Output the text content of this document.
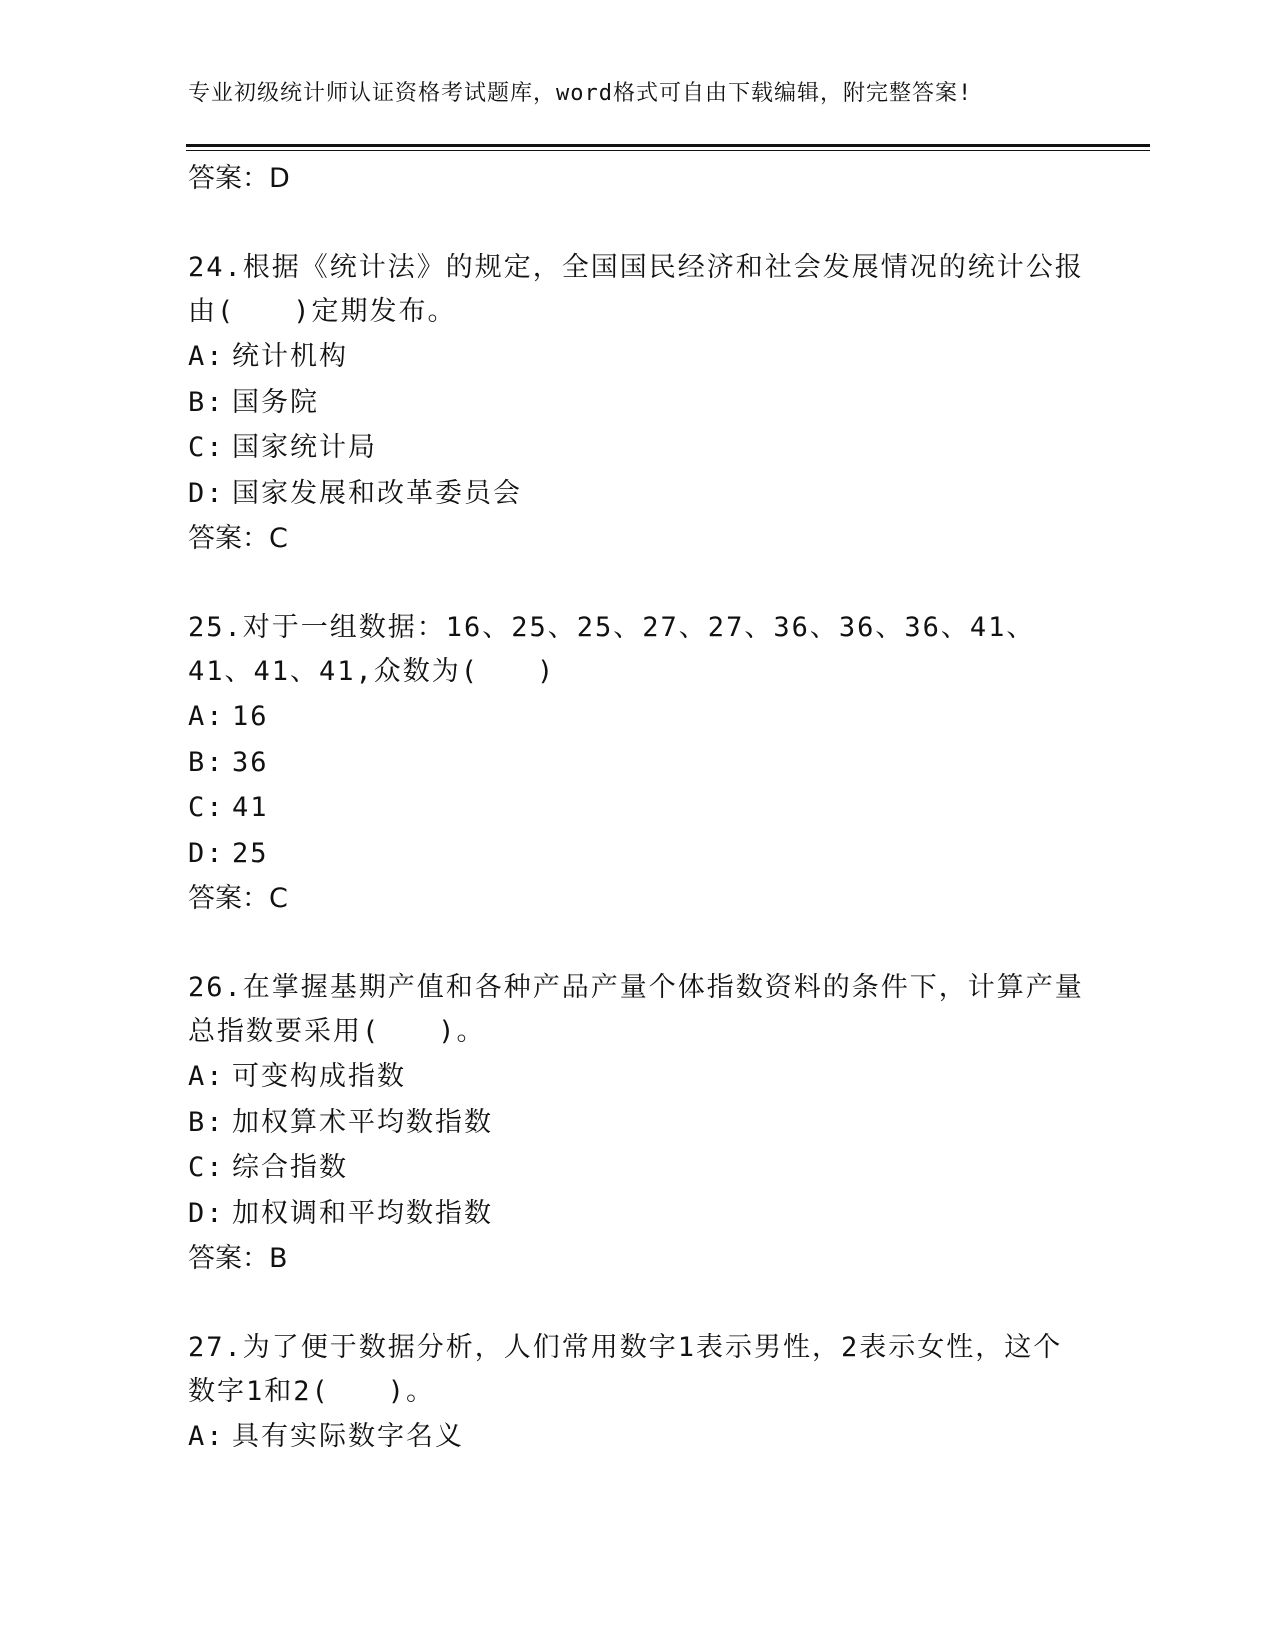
专业初级统计师认证资格考试题库，word格式可自由下载编辑，附完整答案!
答案：D
24.根据《统计法》的规定，全国国民经济和社会发展情况的统计公报由(　　)定期发布。
A: 统计机构
B: 国务院
C: 国家统计局
D: 国家发展和改革委员会
答案：C
25.对于一组数据：16、25、25、27、27、36、36、36、41、41、41、41,众数为(　　)
A: 16
B: 36
C: 41
D: 25
答案：C
26.在掌握基期产值和各种产品产量个体指数资料的条件下，计算产量总指数要采用(　　)。
A: 可变构成指数
B: 加权算术平均数指数
C: 综合指数
D: 加权调和平均数指数
答案：B
27.为了便于数据分析，人们常用数字1表示男性，2表示女性，这个数字1和2(　　)。
A: 具有实际数字名义
